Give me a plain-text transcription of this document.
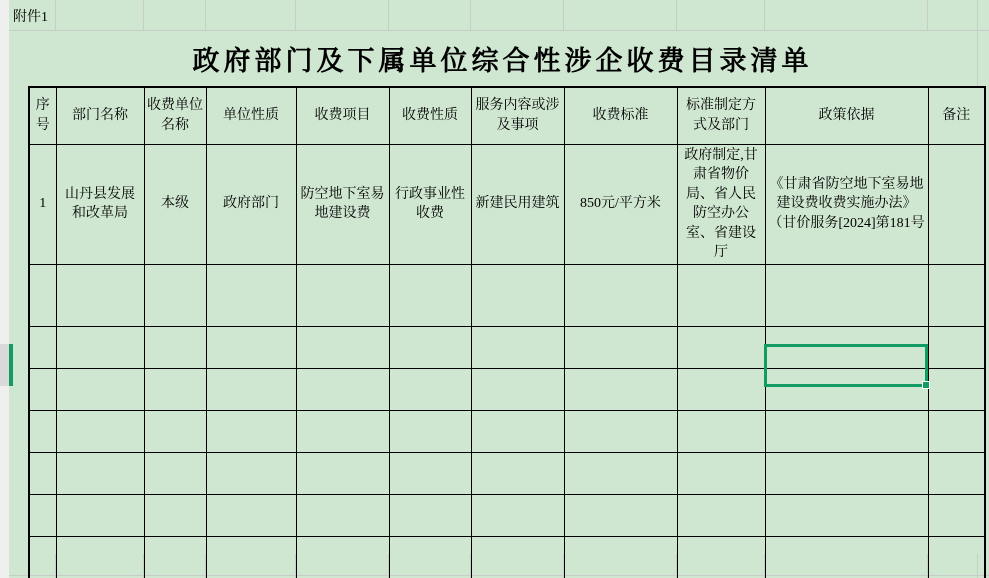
附件1
政府部门及下属单位综合性涉企收费目录清单
序号	部门名称	收费单位名称	单位性质	收费项目	收费性质	服务内容或涉及事项	收费标准	标准制定方式及部门	政策依据	备注
1	山丹县发展和改革局	本级	政府部门	防空地下室易地建设费	行政事业性收费	新建民用建筑	850元/平方米	政府制定,甘肃省物价局、省人民防空办公室、省建设厅	《甘肃省防空地下室易地建设费收费实施办法》（甘价服务[2024]第181号	
